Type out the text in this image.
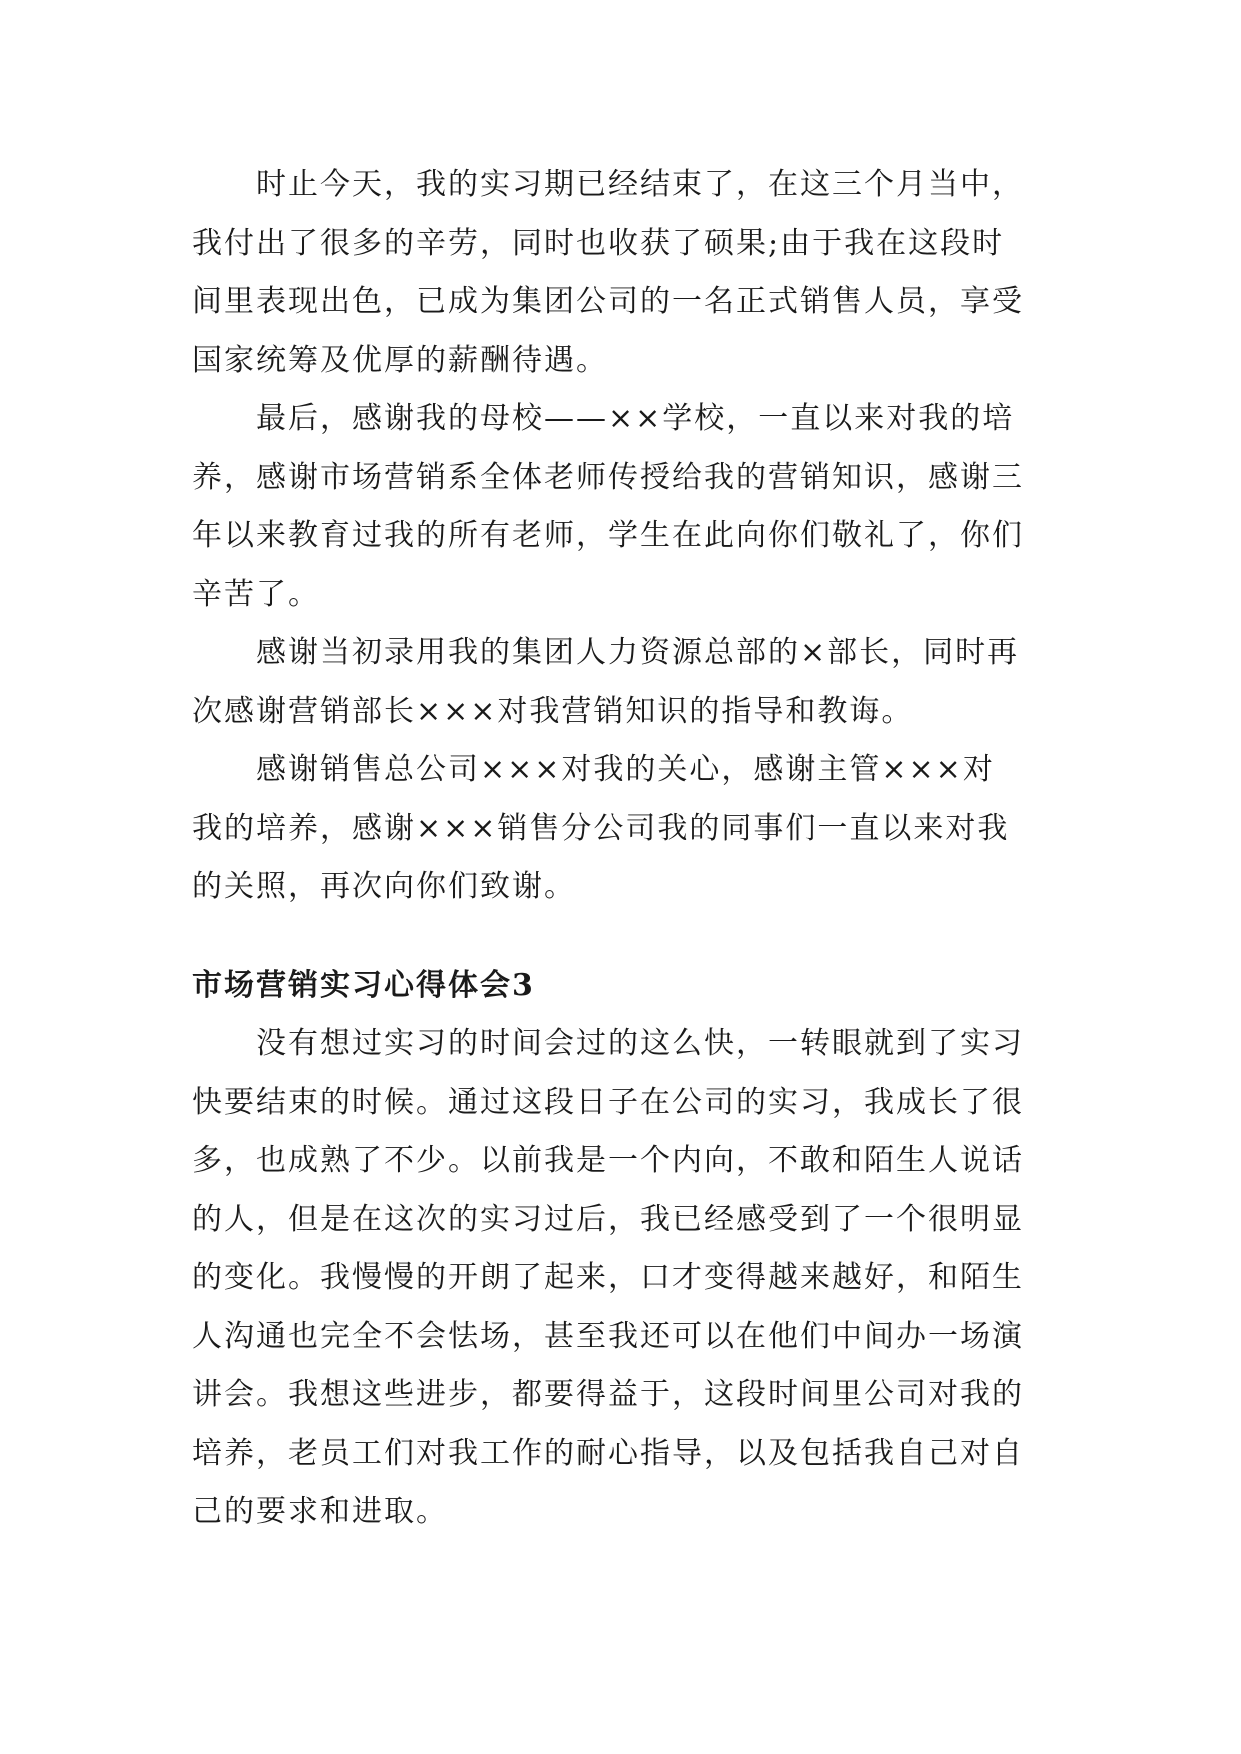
时止今天，我的实习期已经结束了，在这三个月当中，
我付出了很多的辛劳，同时也收获了硕果;由于我在这段时
间里表现出色，已成为集团公司的一名正式销售人员，享受
国家统筹及优厚的薪酬待遇。

最后，感谢我的母校——××学校，一直以来对我的培
养，感谢市场营销系全体老师传授给我的营销知识，感谢三
年以来教育过我的所有老师，学生在此向你们敬礼了，你们
辛苦了。

感谢当初录用我的集团人力资源总部的×部长，同时再
次感谢营销部长×××对我营销知识的指导和教诲。

感谢销售总公司×××对我的关心，感谢主管×××对
我的培养，感谢×××销售分公司我的同事们一直以来对我
的关照，再次向你们致谢。

市场营销实习心得体会3

没有想过实习的时间会过的这么快，一转眼就到了实习
快要结束的时候。通过这段日子在公司的实习，我成长了很
多，也成熟了不少。以前我是一个内向，不敢和陌生人说话
的人，但是在这次的实习过后，我已经感受到了一个很明显
的变化。我慢慢的开朗了起来，口才变得越来越好，和陌生
人沟通也完全不会怯场，甚至我还可以在他们中间办一场演
讲会。我想这些进步，都要得益于，这段时间里公司对我的
培养，老员工们对我工作的耐心指导，以及包括我自己对自
己的要求和进取。
